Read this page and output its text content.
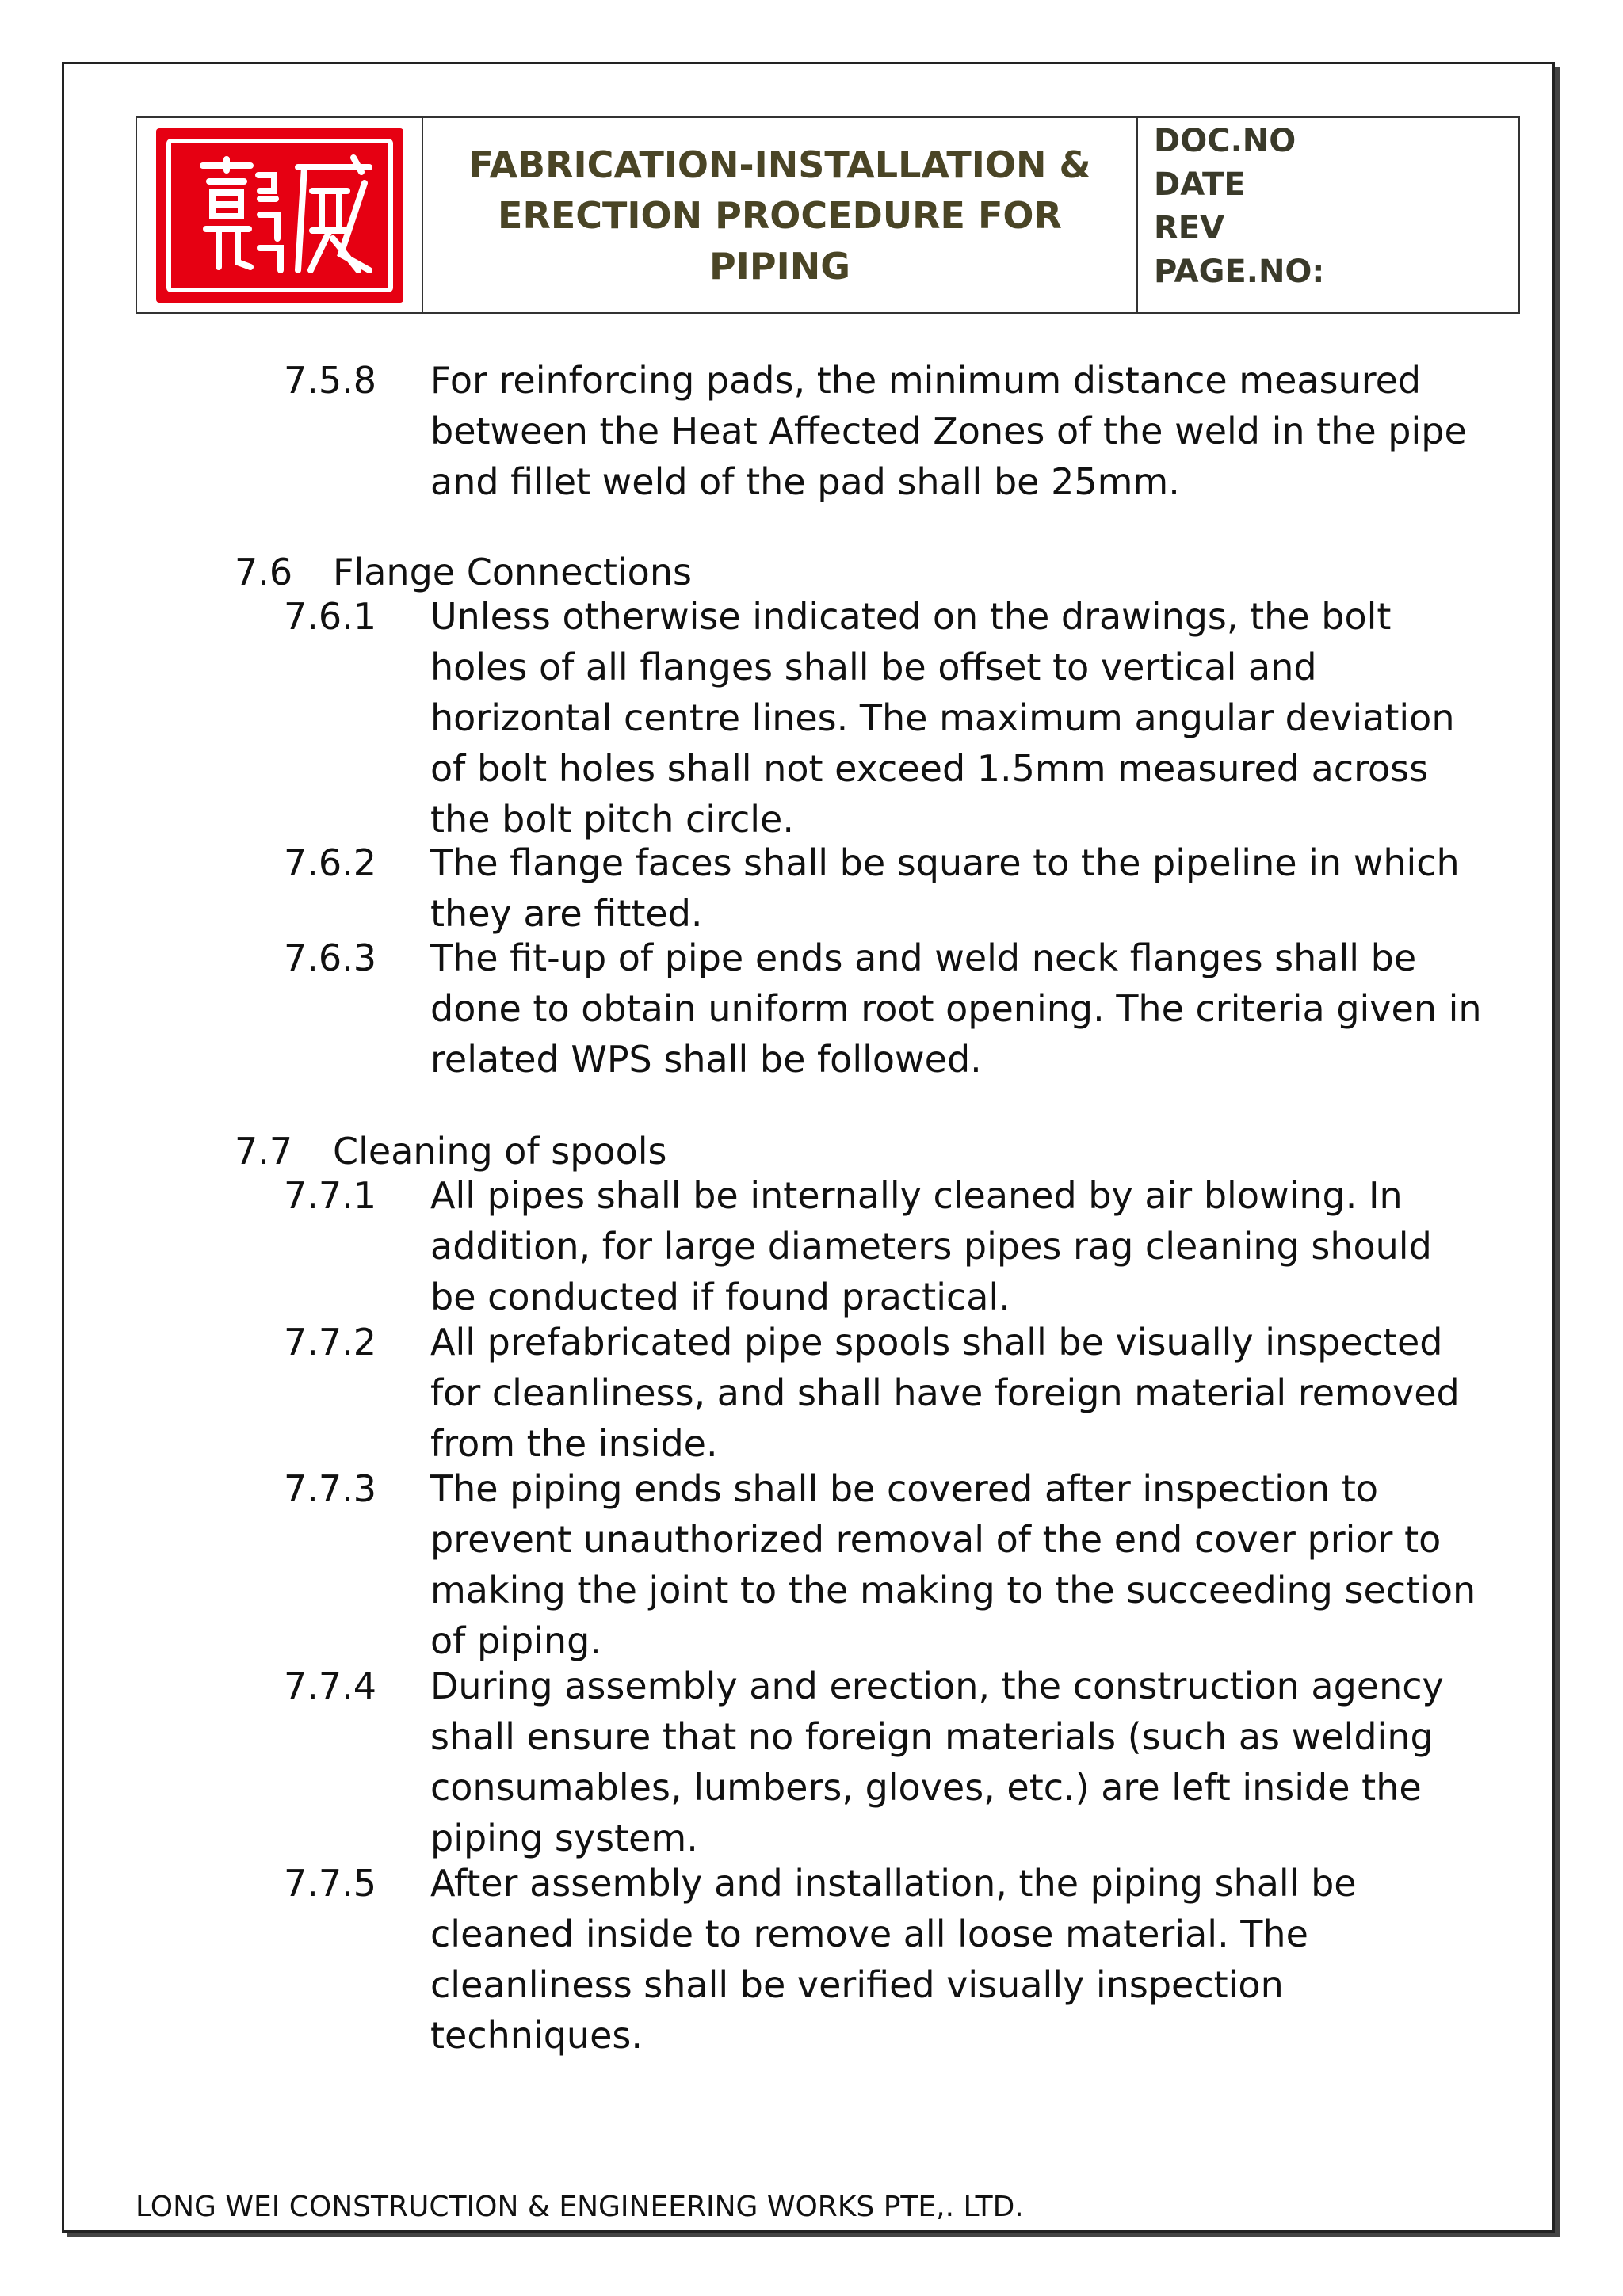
FABRICATION-INSTALLATION &
ERECTION PROCEDURE FOR
PIPING
DOC.NO
DATE
REV
PAGE.NO:
7.5.8	For reinforcing pads, the minimum distance measured between the Heat Affected Zones of the weld in the pipe and fillet weld of the pad shall be 25mm.
7.6 Flange Connections
7.6.1	Unless otherwise indicated on the drawings, the bolt holes of all flanges shall be offset to vertical and horizontal centre lines. The maximum angular deviation of bolt holes shall not exceed 1.5mm measured across the bolt pitch circle.
7.6.2	The flange faces shall be square to the pipeline in which they are fitted.
7.6.3	The fit-up of pipe ends and weld neck flanges shall be done to obtain uniform root opening. The criteria given in related WPS shall be followed.
7.7 Cleaning of spools
7.7.1	All pipes shall be internally cleaned by air blowing. In addition, for large diameters pipes rag cleaning should be conducted if found practical.
7.7.2	All prefabricated pipe spools shall be visually inspected for cleanliness, and shall have foreign material removed from the inside.
7.7.3	The piping ends shall be covered after inspection to prevent unauthorized removal of the end cover prior to making the joint to the making to the succeeding section of piping.
7.7.4	During assembly and erection, the construction agency shall ensure that no foreign materials (such as welding consumables, lumbers, gloves, etc.) are left inside the piping system.
7.7.5	After assembly and installation, the piping shall be cleaned inside to remove all loose material. The cleanliness shall be verified visually inspection techniques.
LONG WEI CONSTRUCTION & ENGINEERING WORKS PTE,. LTD.
